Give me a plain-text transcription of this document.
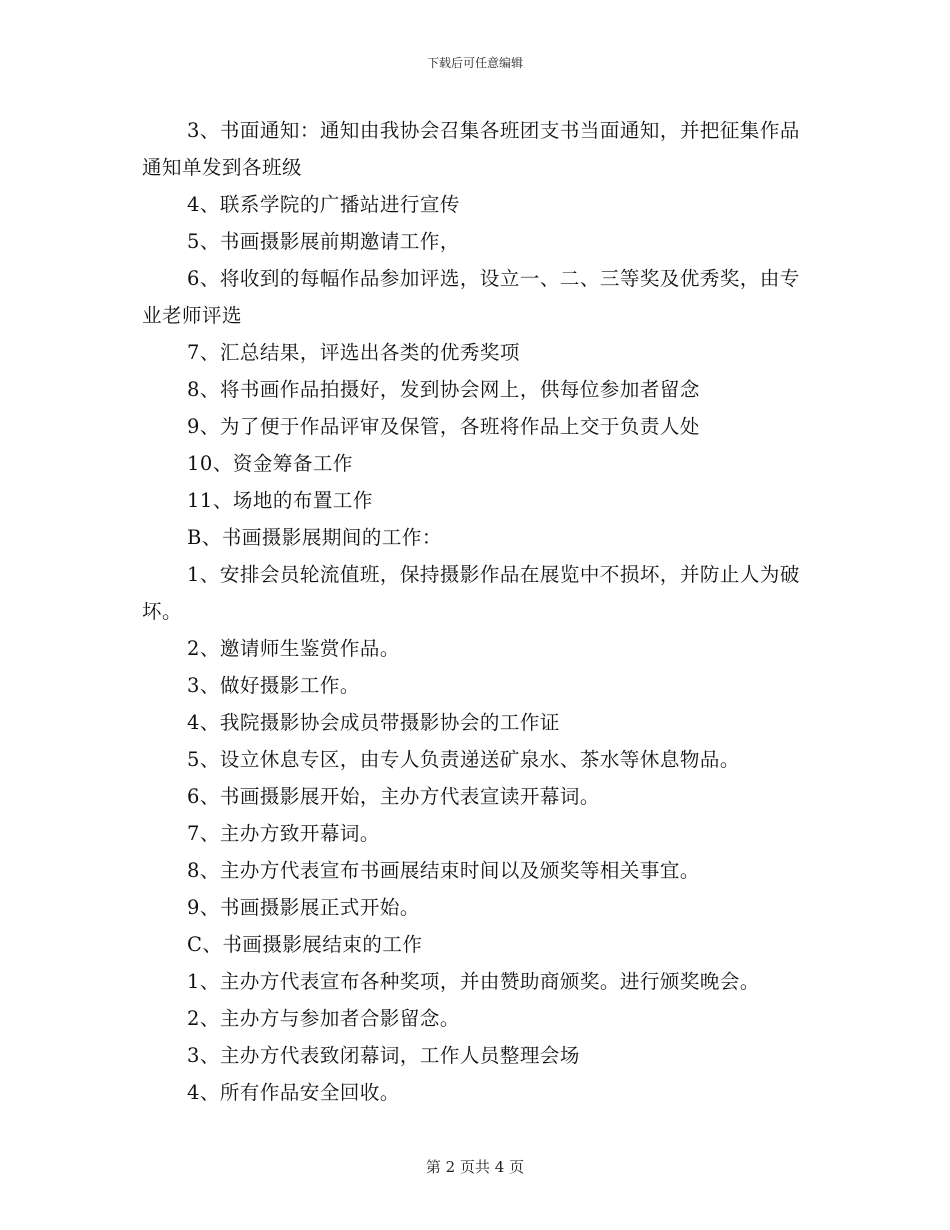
下载后可任意编辑

3、书面通知：通知由我协会召集各班团支书当面通知，并把征集作品通知单发到各班级

4、联系学院的广播站进行宣传

5、书画摄影展前期邀请工作，

6、将收到的每幅作品参加评选，设立一、二、三等奖及优秀奖，由专业老师评选

7、汇总结果，评选出各类的优秀奖项

8、将书画作品拍摄好，发到协会网上，供每位参加者留念

9、为了便于作品评审及保管，各班将作品上交于负责人处

10、资金筹备工作

11、场地的布置工作

B、书画摄影展期间的工作：

1、安排会员轮流值班，保持摄影作品在展览中不损坏，并防止人为破坏。

2、邀请师生鉴赏作品。

3、做好摄影工作。

4、我院摄影协会成员带摄影协会的工作证

5、设立休息专区，由专人负责递送矿泉水、茶水等休息物品。

6、书画摄影展开始，主办方代表宣读开幕词。

7、主办方致开幕词。

8、主办方代表宣布书画展结束时间以及颁奖等相关事宜。

9、书画摄影展正式开始。

C、书画摄影展结束的工作

1、主办方代表宣布各种奖项，并由赞助商颁奖。进行颁奖晚会。

2、主办方与参加者合影留念。

3、主办方代表致闭幕词，工作人员整理会场

4、所有作品安全回收。

第 2 页共 4 页
